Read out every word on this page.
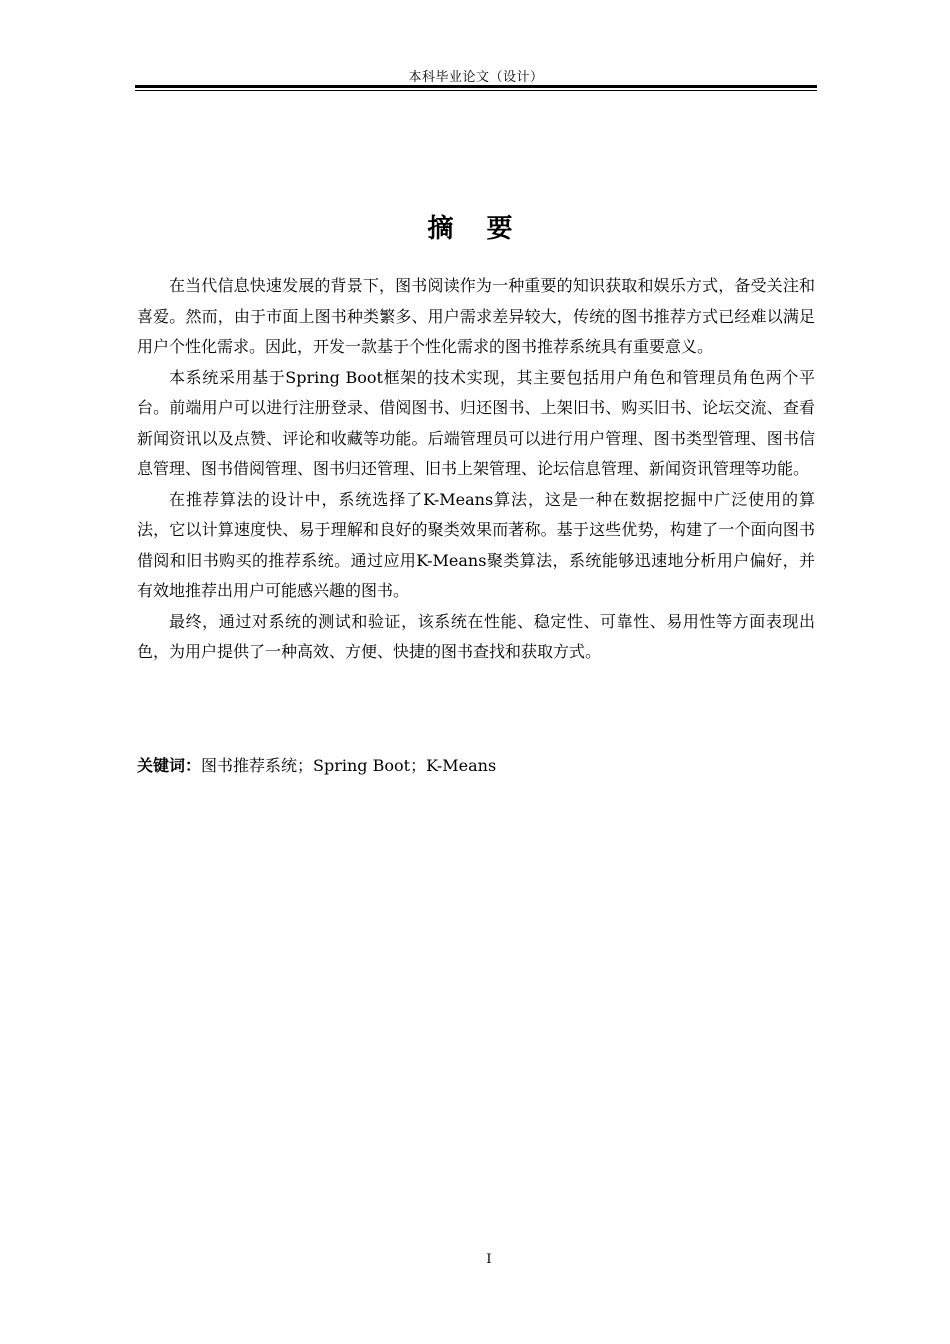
本科毕业论文（设计）
摘 要

在当代信息快速发展的背景下，图书阅读作为一种重要的知识获取和娱乐方式，备受关注和喜爱。然而，由于市面上图书种类繁多、用户需求差异较大，传统的图书推荐方式已经难以满足用户个性化需求。因此，开发一款基于个性化需求的图书推荐系统具有重要意义。

本系统采用基于Spring Boot框架的技术实现，其主要包括用户角色和管理员角色两个平台。前端用户可以进行注册登录、借阅图书、归还图书、上架旧书、购买旧书、论坛交流、查看新闻资讯以及点赞、评论和收藏等功能。后端管理员可以进行用户管理、图书类型管理、图书信息管理、图书借阅管理、图书归还管理、旧书上架管理、论坛信息管理、新闻资讯管理等功能。

在推荐算法的设计中，系统选择了K-Means算法，这是一种在数据挖掘中广泛使用的算法，它以计算速度快、易于理解和良好的聚类效果而著称。基于这些优势，构建了一个面向图书借阅和旧书购买的推荐系统。通过应用K-Means聚类算法，系统能够迅速地分析用户偏好，并有效地推荐出用户可能感兴趣的图书。

最终，通过对系统的测试和验证，该系统在性能、稳定性、可靠性、易用性等方面表现出色，为用户提供了一种高效、方便、快捷的图书查找和获取方式。

关键词：图书推荐系统；Spring Boot；K-Means
I
